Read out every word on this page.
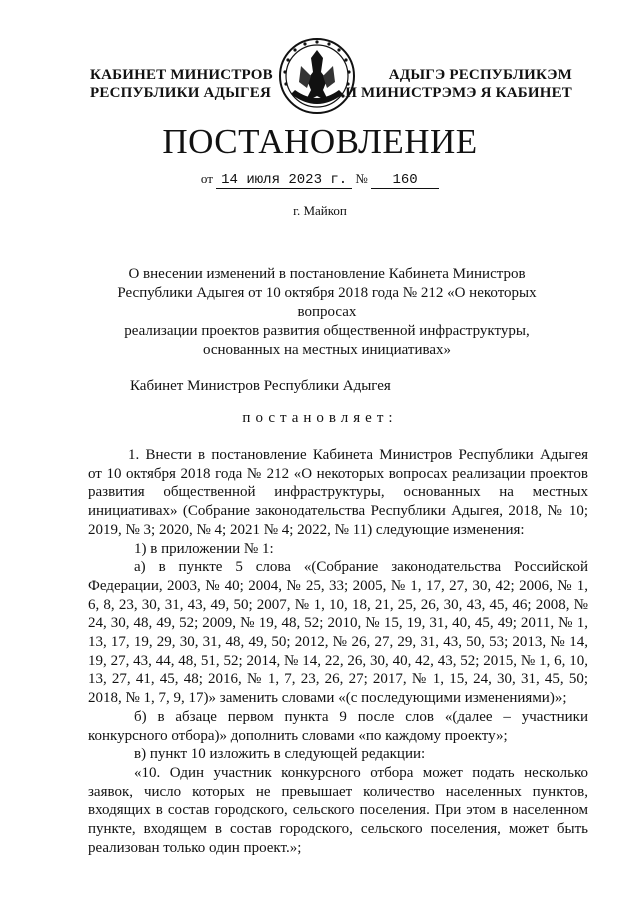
КАБИНЕТ МИНИСТРОВ
РЕСПУБЛИКИ АДЫГЕЯ
АДЫГЭ РЕСПУБЛИКЭМ
И МИНИСТРЭМЭ Я КАБИНЕТ
ПОСТАНОВЛЕНИЕ
от 14 июля 2023 г. № 160
г. Майкоп
О внесении изменений в постановление Кабинета Министров
Республики Адыгея от 10 октября 2018 года № 212 «О некоторых вопросах
реализации проектов развития общественной инфраструктуры,
основанных на местных инициативах»
Кабинет Министров Республики Адыгея
постановляет:

1. Внести в постановление Кабинета Министров Республики Адыгея от 10 октября 2018 года № 212 «О некоторых вопросах реализации проектов развития общественной инфраструктуры, основанных на местных инициативах» (Собрание законодательства Республики Адыгея, 2018, № 10; 2019, № 3; 2020, № 4; 2021 № 4; 2022, № 11) следующие изменения:

1) в приложении № 1:

а) в пункте 5 слова «(Собрание законодательства Российской Федерации, 2003, № 40; 2004, № 25, 33; 2005, № 1, 17, 27, 30, 42; 2006, № 1, 6, 8, 23, 30, 31, 43, 49, 50; 2007, № 1, 10, 18, 21, 25, 26, 30, 43, 45, 46; 2008, № 24, 30, 48, 49, 52; 2009, № 19, 48, 52; 2010, № 15, 19, 31, 40, 45, 49; 2011, № 1, 13, 17, 19, 29, 30, 31, 48, 49, 50; 2012, № 26, 27, 29, 31, 43, 50, 53; 2013, № 14, 19, 27, 43, 44, 48, 51, 52; 2014, № 14, 22, 26, 30, 40, 42, 43, 52; 2015, № 1, 6, 10, 13, 27, 41, 45, 48; 2016, № 1, 7, 23, 26, 27; 2017, № 1, 15, 24, 30, 31, 45, 50; 2018, № 1, 7, 9, 17)» заменить словами «(с последующими изменениями)»;

б) в абзаце первом пункта 9 после слов «(далее – участники конкурсного отбора)» дополнить словами «по каждому проекту»;

в) пункт 10 изложить в следующей редакции:

«10. Один участник конкурсного отбора может подать несколько заявок, число которых не превышает количество населенных пунктов, входящих в состав городского, сельского поселения. При этом в населенном пункте, входящем в состав городского, сельского поселения, может быть реализован только один проект.»;
